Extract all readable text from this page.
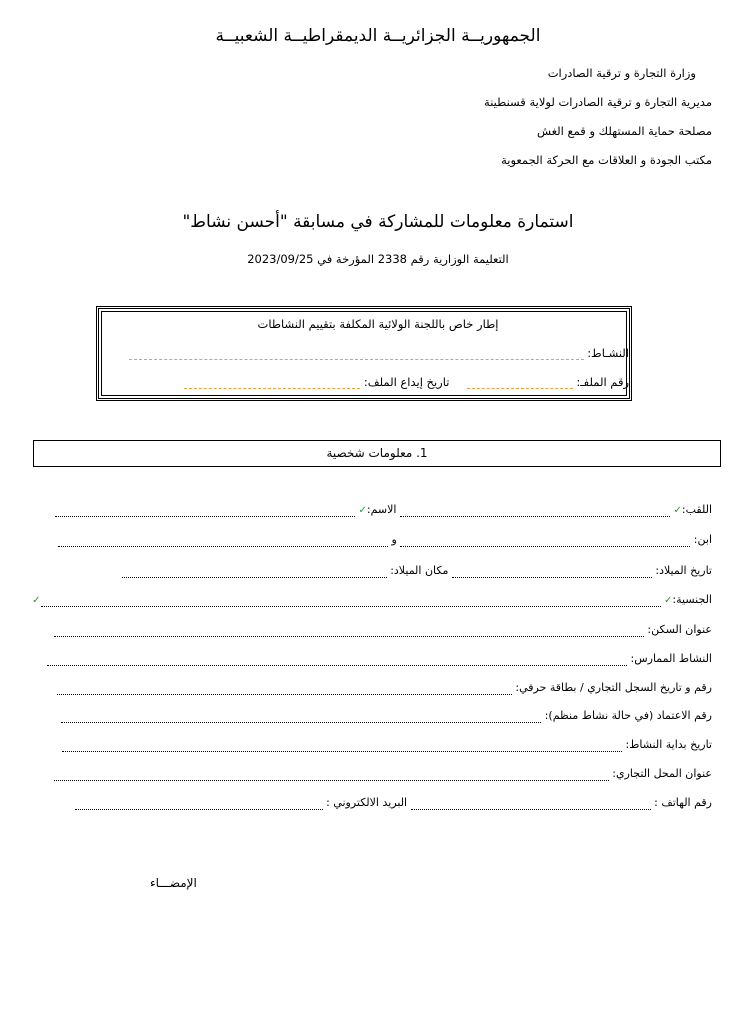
الجمهوريــة الجزائريــة الديمقراطيــة الشعبيــة
وزارة التجارة و ترقية الصادرات
مديرية التجارة و ترقية الصادرات لولاية قسنطينة
مصلحة حماية المستهلك و قمع الغش
مكتب الجودة و العلاقات مع الحركة الجمعوية
استمارة معلومات للمشاركة في مسابقة "أحسن نشاط"
التعليمة الوزارية رقم 2338 المؤرخة في 2023/09/25
إطار خاص باللجنة الولائية المكلفة بتقييم النشاطات
النشـاط:
رقم الملفـ:   تاريخ إيداع الملف:
1. معلومات شخصية
اللقب:✓  الاسم:✓
ابن:  و
تاريخ الميلاد:  مكان الميلاد:
الجنسية:✓ ✓
عنوان السكن:
النشاط الممارس:
رقم و تاريخ السجل التجاري / بطاقة حرفي:
رقم الاعتماد (في حالة نشاط منظم):
تاريخ بداية النشاط:
عنوان المحل التجاري:
رقم الهاتف :  البريد الالكتروني :
الإمضـــاء
